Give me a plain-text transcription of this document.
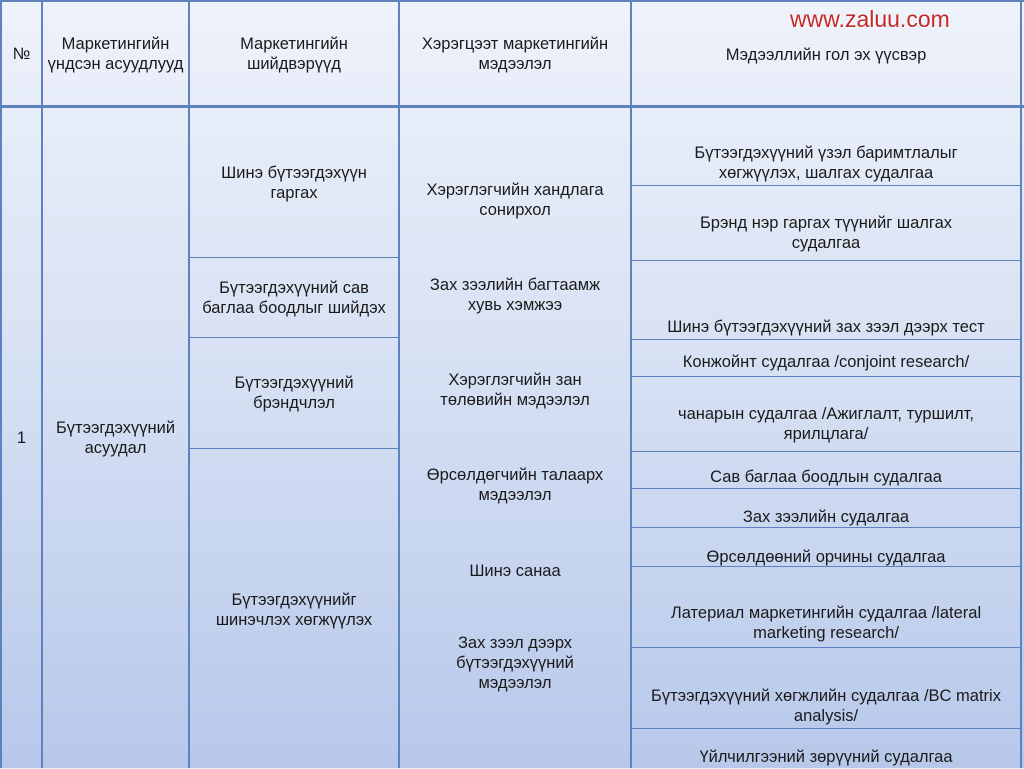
www.zaluu.com
№
Маркетингийн үндсэн асуудлууд
Маркетингийн шийдвэрүүд
Хэрэгцээт маркетингийн мэдээлэл	Мэдээллийн гол эх үүсвэр
1
Бүтээгдэхүүний асуудал
Шинэ бүтээгдэхүүн гаргах
Бүтээгдэхүүний сав баглаа боодлыг шийдэх
Бүтээгдэхүүний брэндчлэл
Бүтээгдэхүүнийг шинэчлэх хөгжүүлэх
Хэрэглэгчийн хандлага сонирхол
Зах зээлийн багтаамж хувь хэмжээ
Хэрэглэгчийн зан төлөвийн мэдээлэл
Өрсөлдөгчийн талаарх мэдээлэл
Шинэ санаа
Зах зээл дээрх бүтээгдэхүүний мэдээлэл
Бүтээгдэхүүний үзэл баримтлалыг хөгжүүлэх, шалгах судалгаа
Брэнд нэр гаргах түүнийг шалгах судалгаа
Шинэ бүтээгдэхүүний зах зээл дээрх тест
Конжойнт судалгаа /conjoint research/
чанарын судалгаа /Ажиглалт, туршилт, ярилцлага/
Сав баглаа боодлын судалгаа
Зах зээлийн судалгаа
Өрсөлдөөний орчины судалгаа
Латериал маркетингийн судалгаа /lateral marketing research/
Бүтээгдэхүүний хөгжлийн судалгаа /BC matrix analysis/
Үйлчилгээний зөрүүний судалгаа
